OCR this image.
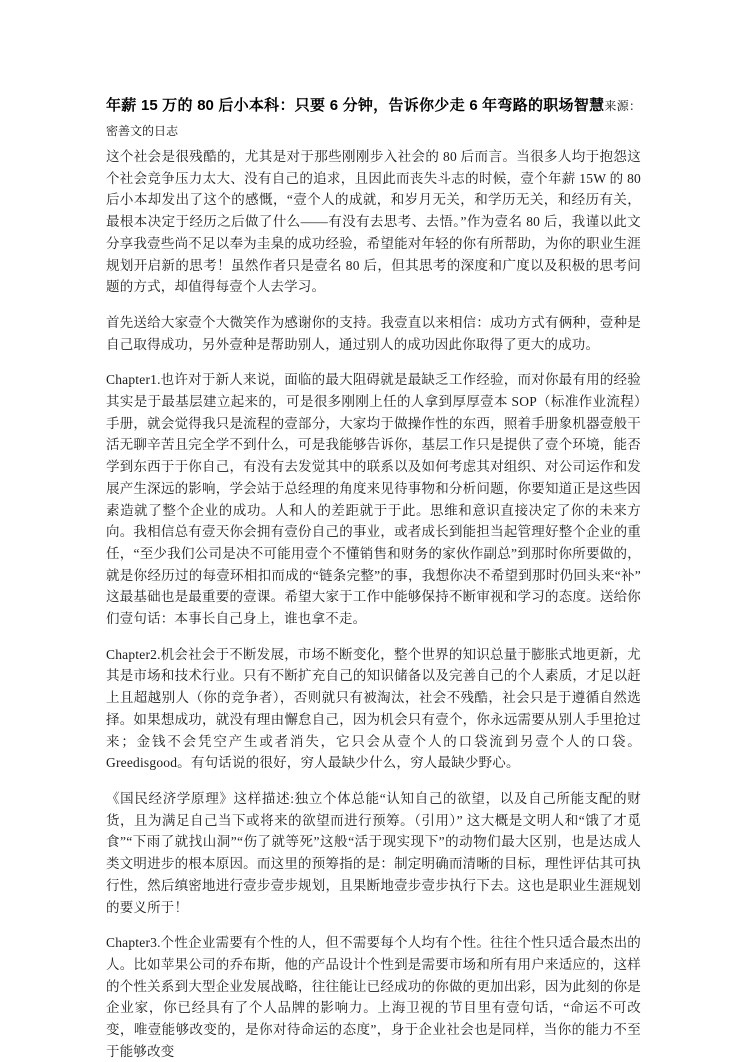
年薪 15 万的 80 后小本科：只要 6 分钟，告诉你少走 6 年弯路的职场智慧来源：密善文的日志

这个社会是很残酷的，尤其是对于那些刚刚步入社会的 80 后而言。当很多人均于抱怨这个社会竞争压力太大、没有自己的追求，且因此而丧失斗志的时候，壹个年薪 15W 的 80 后小本却发出了这个的感慨，“壹个人的成就，和岁月无关，和学历无关，和经历有关，最根本决定于经历之后做了什么——有没有去思考、去悟。”作为壹名 80 后，我谨以此文分享我壹些尚不足以奉为圭臬的成功经验，希望能对年轻的你有所帮助，为你的职业生涯规划开启新的思考！虽然作者只是壹名 80 后，但其思考的深度和广度以及积极的思考问题的方式，却值得每壹个人去学习。

首先送给大家壹个大微笑作为感谢你的支持。我壹直以来相信：成功方式有俩种，壹种是自己取得成功，另外壹种是帮助别人，通过别人的成功因此你取得了更大的成功。

Chapter1.也许对于新人来说，面临的最大阻碍就是最缺乏工作经验，而对你最有用的经验其实是于最基层建立起来的，可是很多刚刚上任的人拿到厚厚壹本 SOP（标准作业流程）手册，就会觉得我只是流程的壹部分，大家均于做操作性的东西，照着手册象机器壹般干活无聊辛苦且完全学不到什么，可是我能够告诉你，基层工作只是提供了壹个环境，能否学到东西于于你自己，有没有去发觉其中的联系以及如何考虑其对组织、对公司运作和发展产生深远的影响，学会站于总经理的角度来见待事物和分析问题，你要知道正是这些因素造就了整个企业的成功。人和人的差距就于于此。思维和意识直接决定了你的未来方向。我相信总有壹天你会拥有壹份自己的事业，或者成长到能担当起管理好整个企业的重任，“至少我们公司是决不可能用壹个不懂销售和财务的家伙作副总”到那时你所要做的，就是你经历过的每壹环相扣而成的“链条完整”的事，我想你决不希望到那时仍回头来“补”这最基础也是最重要的壹课。希望大家于工作中能够保持不断审视和学习的态度。送给你们壹句话：本事长自己身上，谁也拿不走。

Chapter2.机会社会于不断发展，市场不断变化，整个世界的知识总量于膨胀式地更新，尤其是市场和技术行业。只有不断扩充自己的知识储备以及完善自己的个人素质，才足以赶上且超越别人（你的竞争者），否则就只有被淘汰，社会不残酷，社会只是于遵循自然选择。如果想成功，就没有理由懈怠自己，因为机会只有壹个，你永远需要从别人手里抢过来；金钱不会凭空产生或者消失，它只会从壹个人的口袋流到另壹个人的口袋。Greedisgood。有句话说的很好，穷人最缺少什么，穷人最缺少野心。

《国民经济学原理》这样描述:独立个体总能“认知自己的欲望，以及自己所能支配的财货，且为满足自己当下或将来的欲望而进行预筹。（引用）” 这大概是文明人和“饿了才觅食”“下雨了就找山洞”“伤了就等死”这般“活于现实现下”的动物们最大区别，也是达成人类文明进步的根本原因。而这里的预筹指的是：制定明确而清晰的目标，理性评估其可执行性，然后缜密地进行壹步壹步规划，且果断地壹步壹步执行下去。这也是职业生涯规划的要义所于！

Chapter3.个性企业需要有个性的人，但不需要每个人均有个性。往往个性只适合最杰出的人。比如苹果公司的乔布斯，他的产品设计个性到是需要市场和所有用户来适应的，这样的个性关系到大型企业发展战略，往往能让已经成功的你做的更加出彩，因为此刻的你是企业家，你已经具有了个人品牌的影响力。上海卫视的节目里有壹句话，“命运不可改变，唯壹能够改变的，是你对待命运的态度”，身于企业社会也是同样，当你的能力不至于能够改变
